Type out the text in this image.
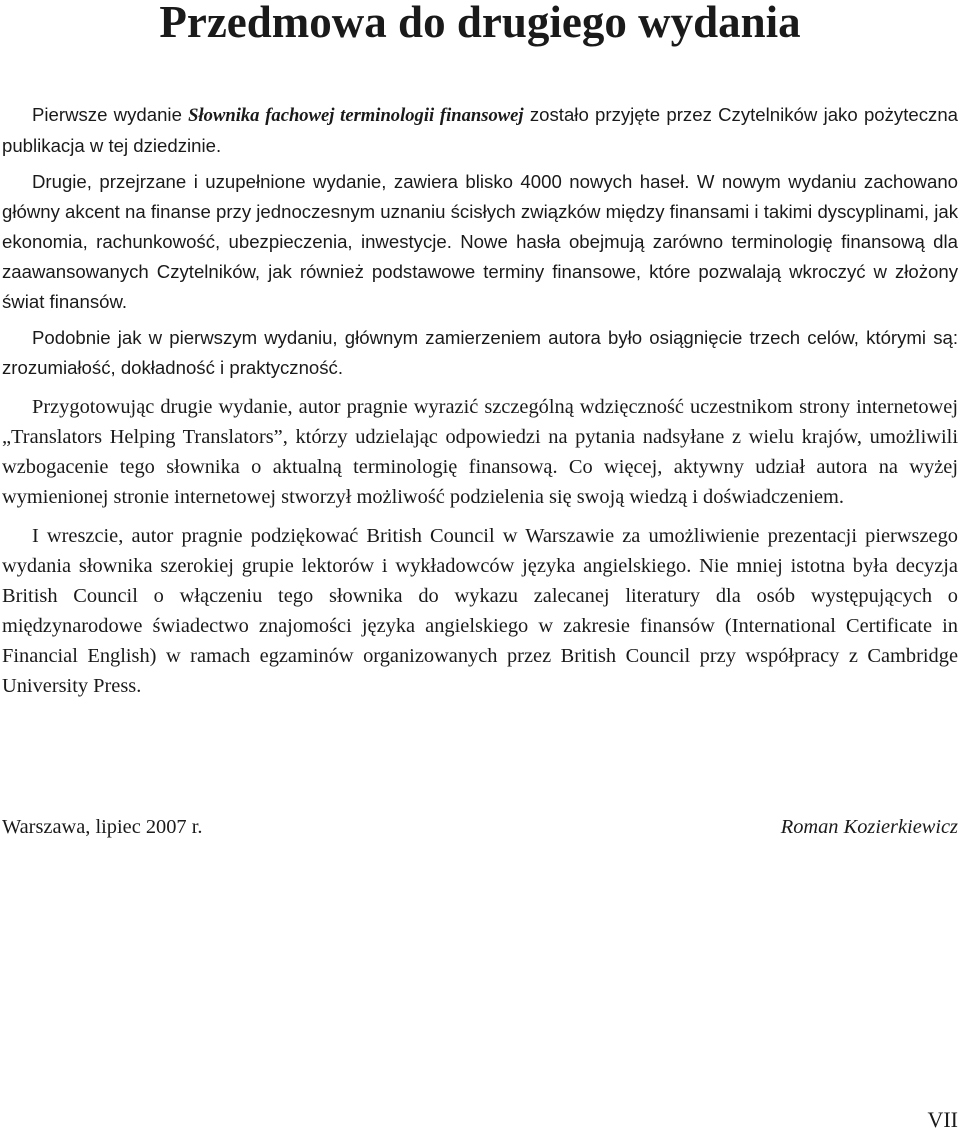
Przedmowa do drugiego wydania

Pierwsze wydanie Słownika fachowej terminologii finansowej zostało przyjęte przez Czytelników jako pożyteczna publikacja w tej dziedzinie.

Drugie, przejrzane i uzupełnione wydanie, zawiera blisko 4000 nowych haseł. W nowym wydaniu zachowano główny akcent na finanse przy jednoczesnym uznaniu ścisłych związków między finansami i takimi dyscyplinami, jak ekonomia, rachunkowość, ubezpieczenia, inwestycje. Nowe hasła obejmują zarówno terminologię finansową dla zaawansowanych Czytelników, jak również podstawowe terminy finansowe, które pozwalają wkroczyć w złożony świat finansów.

Podobnie jak w pierwszym wydaniu, głównym zamierzeniem autora było osiągnięcie trzech celów, którymi są: zrozumiałość, dokładność i praktyczność.

Przygotowując drugie wydanie, autor pragnie wyrazić szczególną wdzięczność uczestnikom strony internetowej „Translators Helping Translators”, którzy udzielając odpowiedzi na pytania nadsyłane z wielu krajów, umożliwili wzbogacenie tego słownika o aktualną terminologię finansową. Co więcej, aktywny udział autora na wyżej wymienionej stronie internetowej stworzył możliwość podzielenia się swoją wiedzą i doświadczeniem.

I wreszcie, autor pragnie podziękować British Council w Warszawie za umożliwienie prezentacji pierwszego wydania słownika szerokiej grupie lektorów i wykładowców języka angielskiego. Nie mniej istotna była decyzja British Council o włączeniu tego słownika do wykazu zalecanej literatury dla osób występujących o międzynarodowe świadectwo znajomości języka angielskiego w zakresie finansów (International Certificate in Financial English) w ramach egzaminów organizowanych przez British Council przy współpracy z Cambridge University Press.

Warszawa, lipiec 2007 r.	Roman Kozierkiewicz
VII
